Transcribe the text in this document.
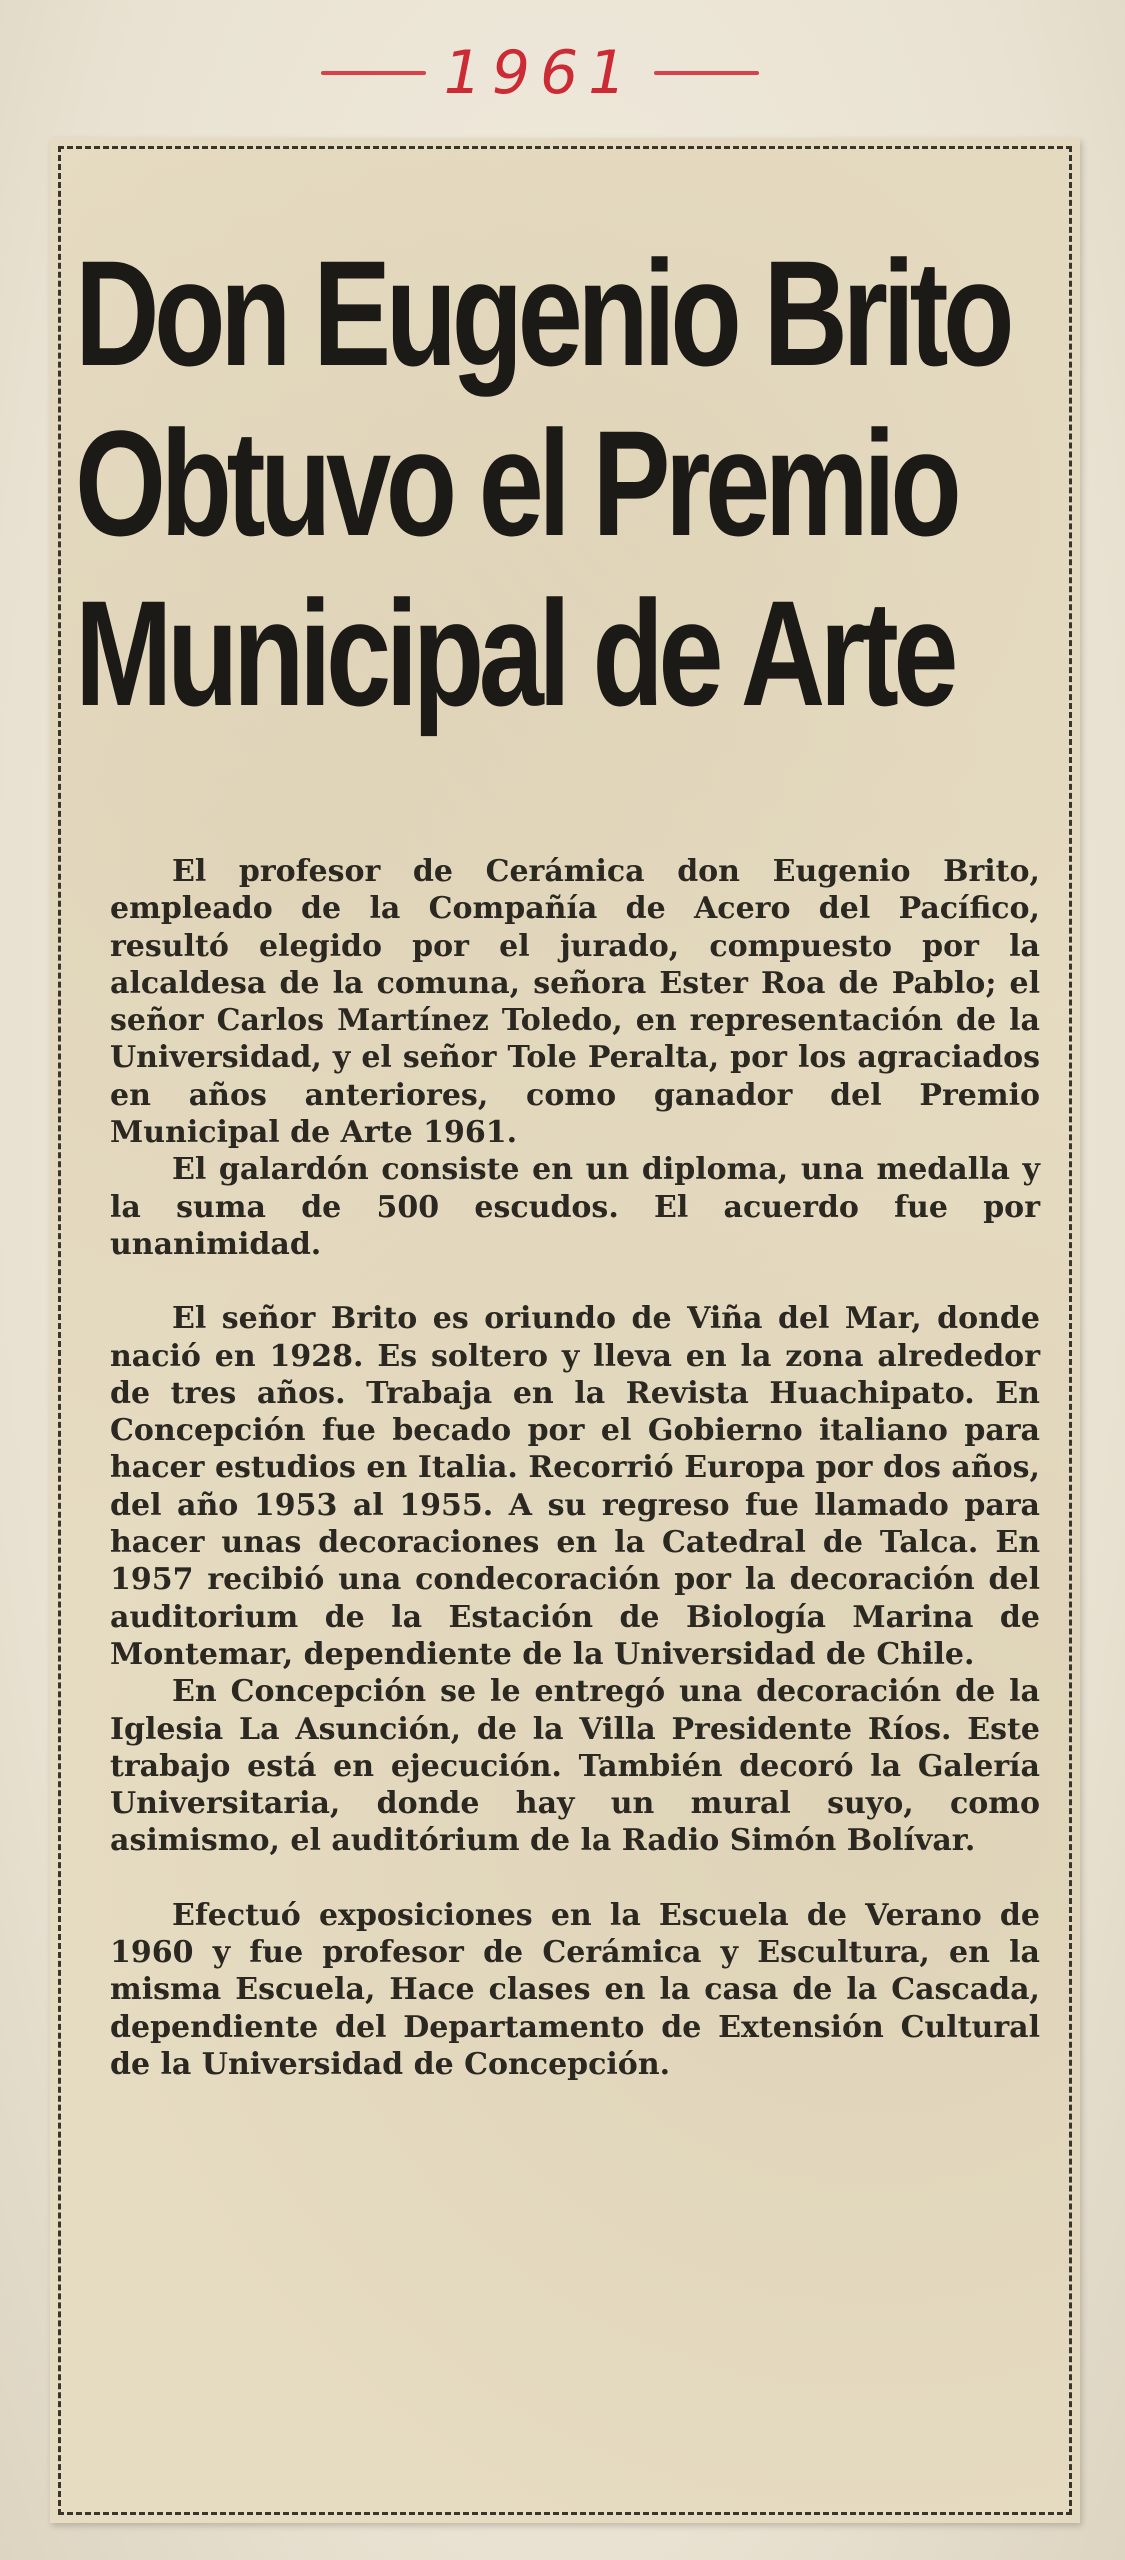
1961
Don Eugenio Brito
Obtuvo el Premio
Municipal de Arte

El profesor de Cerámica don Eugenio Brito, empleado de la Compañía de Acero del Pacífico, resultó elegido por el jurado, compuesto por la alcaldesa de la comuna, señora Ester Roa de Pablo; el señor Carlos Martínez Toledo, en representación de la Universidad, y el señor Tole Peralta, por los agraciados en años anteriores, como ganador del Premio Municipal de Arte 1961.

El galardón consiste en un diploma, una medalla y la suma de 500 escudos. El acuerdo fue por unanimidad.

El señor Brito es oriundo de Viña del Mar, donde nació en 1928. Es soltero y lleva en la zona alrededor de tres años. Trabaja en la Revista Huachipato. En Concepción fue becado por el Gobierno italiano para hacer estudios en Italia. Recorrió Europa por dos años, del año 1953 al 1955. A su regreso fue llamado para hacer unas decoraciones en la Catedral de Talca. En 1957 recibió una condecoración por la decoración del auditorium de la Estación de Biología Marina de Montemar, dependiente de la Universidad de Chile.

En Concepción se le entregó una decoración de la Iglesia La Asunción, de la Villa Presidente Ríos. Este trabajo está en ejecución. También decoró la Galería Universitaria, donde hay un mural suyo, como asimismo, el auditórium de la Radio Simón Bolívar.

Efectuó exposiciones en la Escuela de Verano de 1960 y fue profesor de Cerámica y Escultura, en la misma Escuela, Hace clases en la casa de la Cascada, dependiente del Departamento de Extensión Cultural de la Universidad de Concepción.
